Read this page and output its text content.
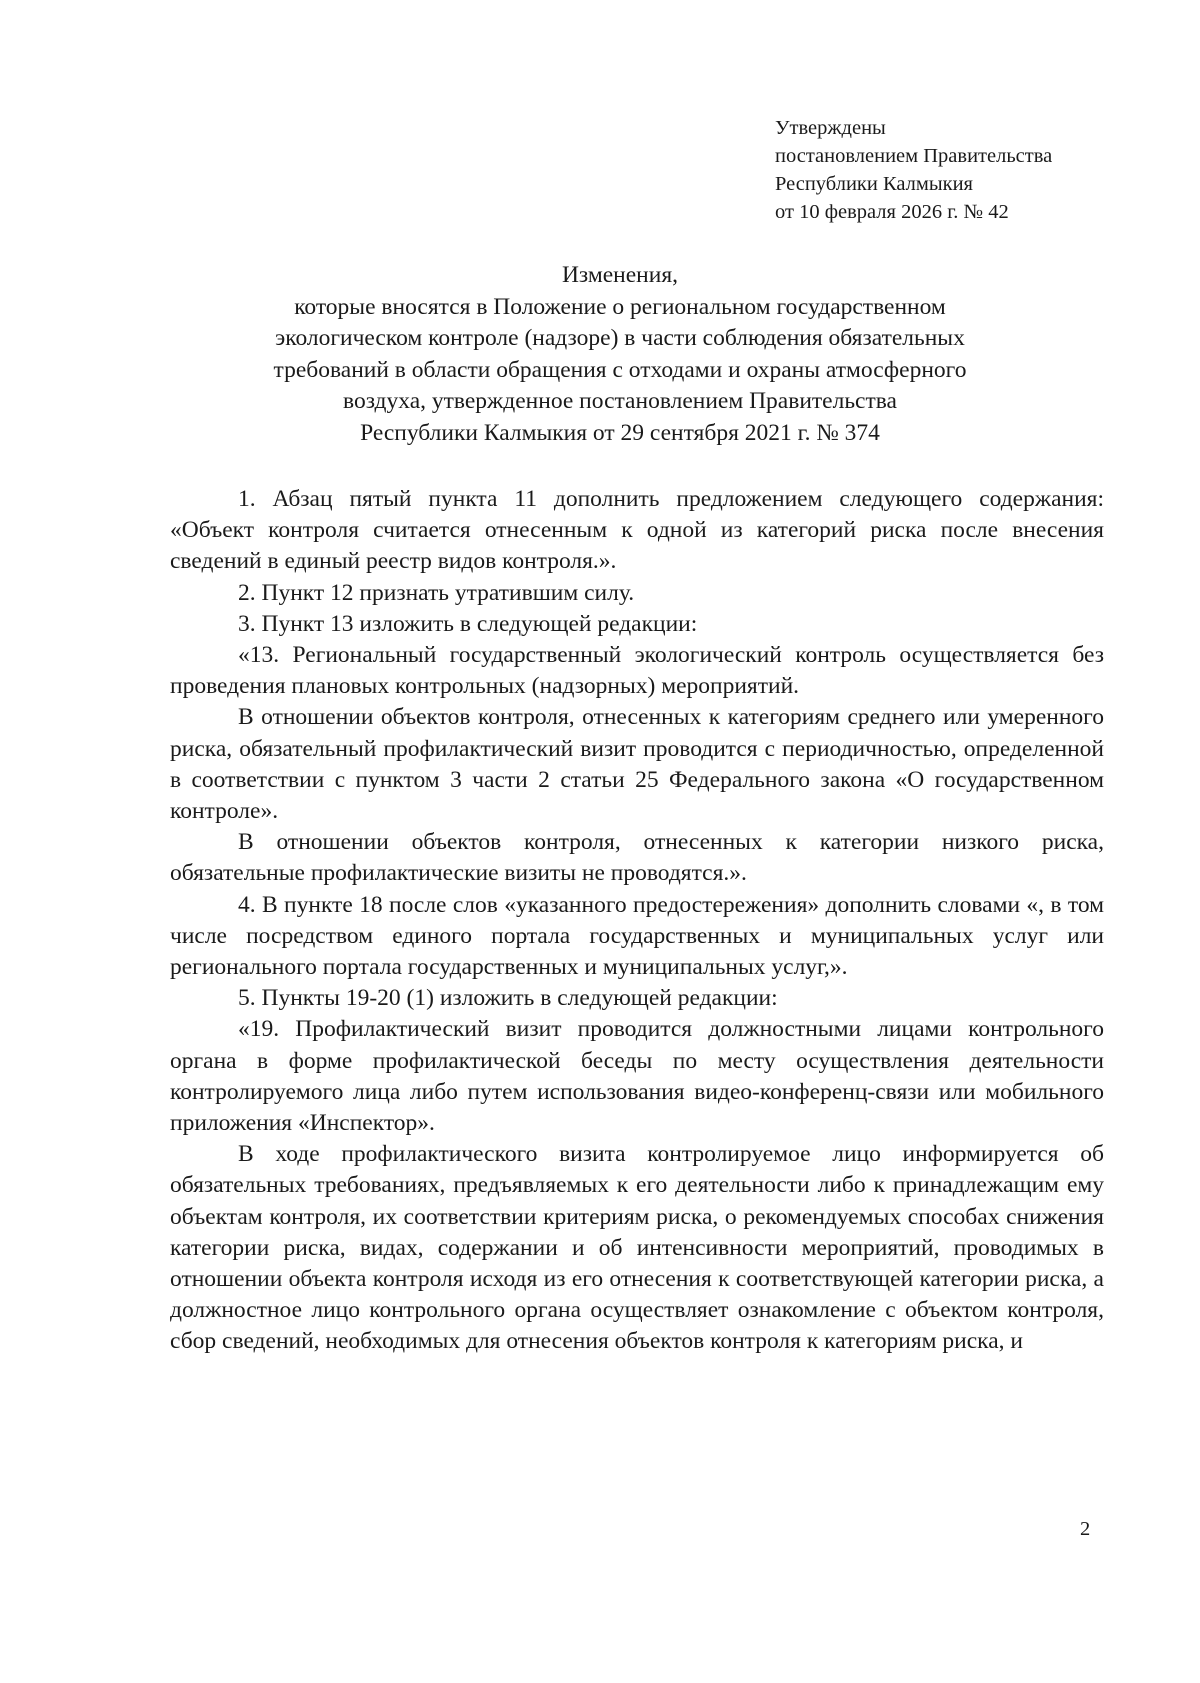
Утверждены
постановлением Правительства
Республики Калмыкия
от 10 февраля 2026 г. № 42
Изменения,
которые вносятся в Положение о региональном государственном
экологическом контроле (надзоре) в части соблюдения обязательных
требований в области обращения с отходами и охраны атмосферного
воздуха, утвержденное постановлением Правительства
Республики Калмыкия от 29 сентября 2021 г. № 374

1. Абзац пятый пункта 11 дополнить предложением следующего содержания: «Объект контроля считается отнесенным к одной из категорий риска после внесения сведений в единый реестр видов контроля.».

2. Пункт 12 признать утратившим силу.

3. Пункт 13 изложить в следующей редакции:

«13. Региональный государственный экологический контроль осуществляется без проведения плановых контрольных (надзорных) мероприятий.

В отношении объектов контроля, отнесенных к категориям среднего или умеренного риска, обязательный профилактический визит проводится с периодичностью, определенной в соответствии с пунктом 3 части 2 статьи 25 Федерального закона «О государственном контроле».

В отношении объектов контроля, отнесенных к категории низкого риска, обязательные профилактические визиты не проводятся.».

4. В пункте 18 после слов «указанного предостережения» дополнить словами «, в том числе посредством единого портала государственных и муниципальных услуг или регионального портала государственных и муниципальных услуг,».

5. Пункты 19-20 (1) изложить в следующей редакции:

«19. Профилактический визит проводится должностными лицами контрольного органа в форме профилактической беседы по месту осуществления деятельности контролируемого лица либо путем использования видео-конференц-связи или мобильного приложения «Инспектор».

В ходе профилактического визита контролируемое лицо информируется об обязательных требованиях, предъявляемых к его деятельности либо к принадлежащим ему объектам контроля, их соответствии критериям риска, о рекомендуемых способах снижения категории риска, видах, содержании и об интенсивности мероприятий, проводимых в отношении объекта контроля исходя из его отнесения к соответствующей категории риска, а должностное лицо контрольного органа осуществляет ознакомление с объектом контроля, сбор сведений, необходимых для отнесения объектов контроля к категориям риска, и

2
